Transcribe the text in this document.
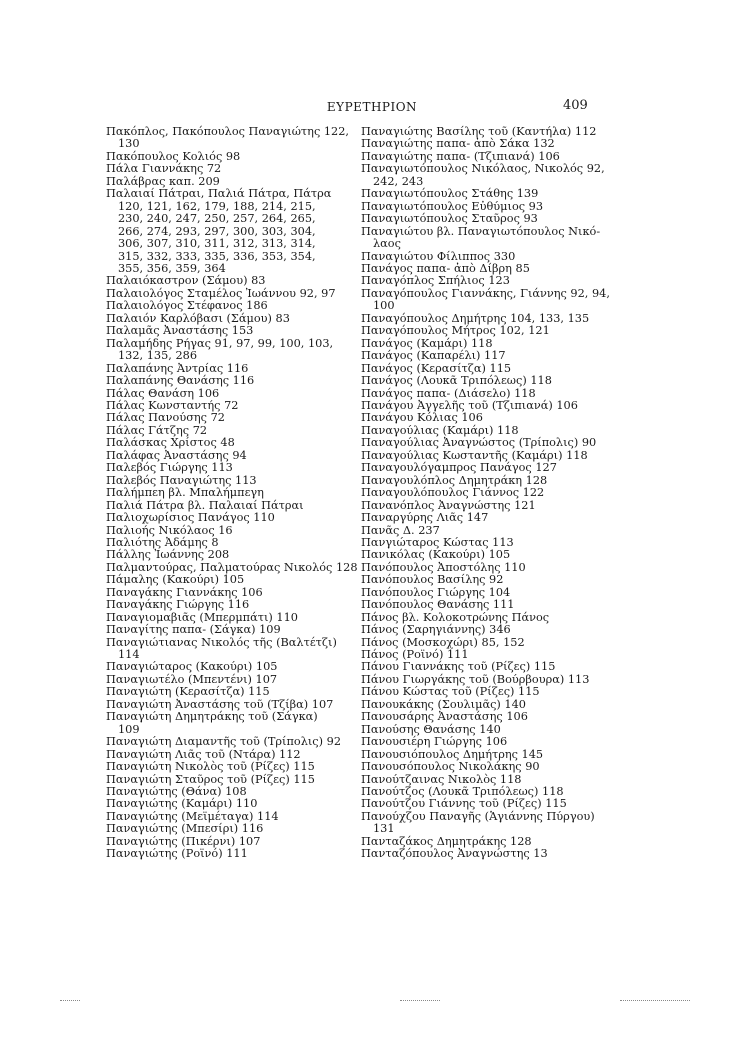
ΕΥΡΕΤΗΡΙΟΝ	409
Πακόπλος, Πακόπουλος Παναγιώτης 122,
130
Πακόπουλος Κολιός 98
Πάλα Γιαννάκης 72
Παλάβρας καπ. 209
Παλαιαί Πάτραι, Παλιά Πάτρα, Πάτρα
120, 121, 162, 179, 188, 214, 215,
230, 240, 247, 250, 257, 264, 265,
266, 274, 293, 297, 300, 303, 304,
306, 307, 310, 311, 312, 313, 314,
315, 332, 333, 335, 336, 353, 354,
355, 356, 359, 364
Παλαιόκαστρον (Σάμου) 83
Παλαιολόγος Σταμέλος Ἰωάννου 92, 97
Παλαιολόγος Στέφανος 186
Παλαιόν Καρλόβασι (Σάμου) 83
Παλαμᾶς Ἀναστάσης 153
Παλαμήδης Ρήγας 91, 97, 99, 100, 103,
132, 135, 286
Παλαπάνης Ἀντρίας 116
Παλαπάνης Θανάσης 116
Πάλας Θανάση 106
Πάλας Κωνσταντής 72
Πάλας Πανούσης 72
Πάλας Γάτζης 72
Παλάσκας Χρίστος 48
Παλάφας Ἀναστάσης 94
Παλεβός Γιώργης 113
Παλεβός Παναγιώτης 113
Παλήμπεη βλ. Μπαλήμπεγη
Παλιά Πάτρα βλ. Παλαιαί Πάτραι
Παλιοχωρίσιος Πανάγος 110
Παλιοής Νικόλαος 16
Παλιότης Ἀδάμης 8
Πάλλης Ἰωάννης 208
Παλμαντούρας, Παλματούρας Νικολός 128
Πάμαλης (Κακούρι) 105
Παναγάκης Γιαννάκης 106
Παναγάκης Γιώργης 116
Παναγιομαβιᾶς (Μπερμπάτι) 110
Παναγίτης παπα- (Σάγκα) 109
Παναγιώτιανας Νικολός τῆς (Βαλτέτζι)
114
Παναγιώταρος (Κακούρι) 105
Παναγιωτέλο (Μπεντένι) 107
Παναγιώτη (Κερασίτζα) 115
Παναγιώτη Ἀναστάσης τοῦ (Τζίβα) 107
Παναγιώτη Δημητράκης τοῦ (Σάγκα)
109
Παναγιώτη Διαμαντῆς τοῦ (Τρίπολις) 92
Παναγιώτη Λιᾶς τοῦ (Ντάρα) 112
Παναγιώτη Νικολὸς τοῦ (Ρίζες) 115
Παναγιώτη Σταῦρος τοῦ (Ρίζες) 115
Παναγιώτης (Θάνα) 108
Παναγιώτης (Καμάρι) 110
Παναγιώτης (Μεϊμέταγα) 114
Παναγιώτης (Μπεσίρι) 116
Παναγιώτης (Πικέρνι) 107
Παναγιώτης (Ροϊνό) 111
Παναγιώτης Βασίλης τοῦ (Καντήλα) 112
Παναγιώτης παπα- ἀπὸ Σάκα 132
Παναγιώτης παπα- (Τζιπιανά) 106
Παναγιωτόπουλος Νικόλαος, Νικολός 92,
242, 243
Παναγιωτόπουλος Στάθης 139
Παναγιωτόπουλος Εὐθύμιος 93
Παναγιωτόπουλος Σταῦρος 93
Παναγιώτου βλ. Παναγιωτόπουλος Νικό-
λαος
Παναγιώτου Φίλιππος 330
Πανάγος παπα- ἀπὸ Δίβρη 85
Παναγόπλος Σπήλιος 123
Παναγόπουλος Γιαννάκης, Γιάννης 92, 94,
100
Παναγόπουλος Δημήτρης 104, 133, 135
Παναγόπουλος Μήτρος 102, 121
Πανάγος (Καμάρι) 118
Πανάγος (Καπαρέλι) 117
Πανάγος (Κερασίτζα) 115
Πανάγος (Λουκᾶ Τριπόλεως) 118
Πανάγος παπα- (Διάσελο) 118
Πανάγου Ἀγγελῆς τοῦ (Τζιπιανά) 106
Πανάγου Κόλιας 106
Παναγούλιας (Καμάρι) 118
Παναγούλιας Ἀναγνώστος (Τρίπολις) 90
Παναγούλιας Κωσταντῆς (Καμάρι) 118
Παναγουλόγαμπρος Πανάγος 127
Παναγουλόπλος Δημητράκη 128
Παναγουλόπουλος Γιάννος 122
Πανανόπλος Ἀναγνώστης 121
Παναργύρης Λιᾶς 147
Πανᾶς Δ. 237
Πανγιώταρος Κώστας 113
Πανικόλας (Κακούρι) 105
Πανόπουλος Ἀποστόλης 110
Πανόπουλος Βασίλης 92
Πανόπουλος Γιώργης 104
Πανόπουλος Θανάσης 111
Πάνος βλ. Κολοκοτρώνης Πάνος
Πάνος (Σαρηγιάννης) 346
Πάνος (Μοσκοχώρι) 85, 152
Πάνος (Ροϊνό) 111
Πάνου Γιαννάκης τοῦ (Ρίζες) 115
Πάνου Γιωργάκης τοῦ (Βούρβουρα) 113
Πάνου Κώστας τοῦ (Ρίζες) 115
Πανουκάκης (Σουλιμᾶς) 140
Πανουσάρης Ἀναστάσης 106
Πανούσης Θανάσης 140
Πανουσιέρη Γιώργης 106
Πανουσιόπουλος Δημήτρης 145
Πανουσόπουλος Νικολάκης 90
Πανούτζαινας Νικολὸς 118
Πανούτζος (Λουκᾶ Τριπόλεως) 118
Πανούτζου Γιάννης τοῦ (Ρίζες) 115
Πανούχζου Παναγῆς (Ἁγιάννης Πύργου)
131
Πανταζάκος Δημητράκης 128
Πανταζόπουλος Ἀναγνώστης 13
